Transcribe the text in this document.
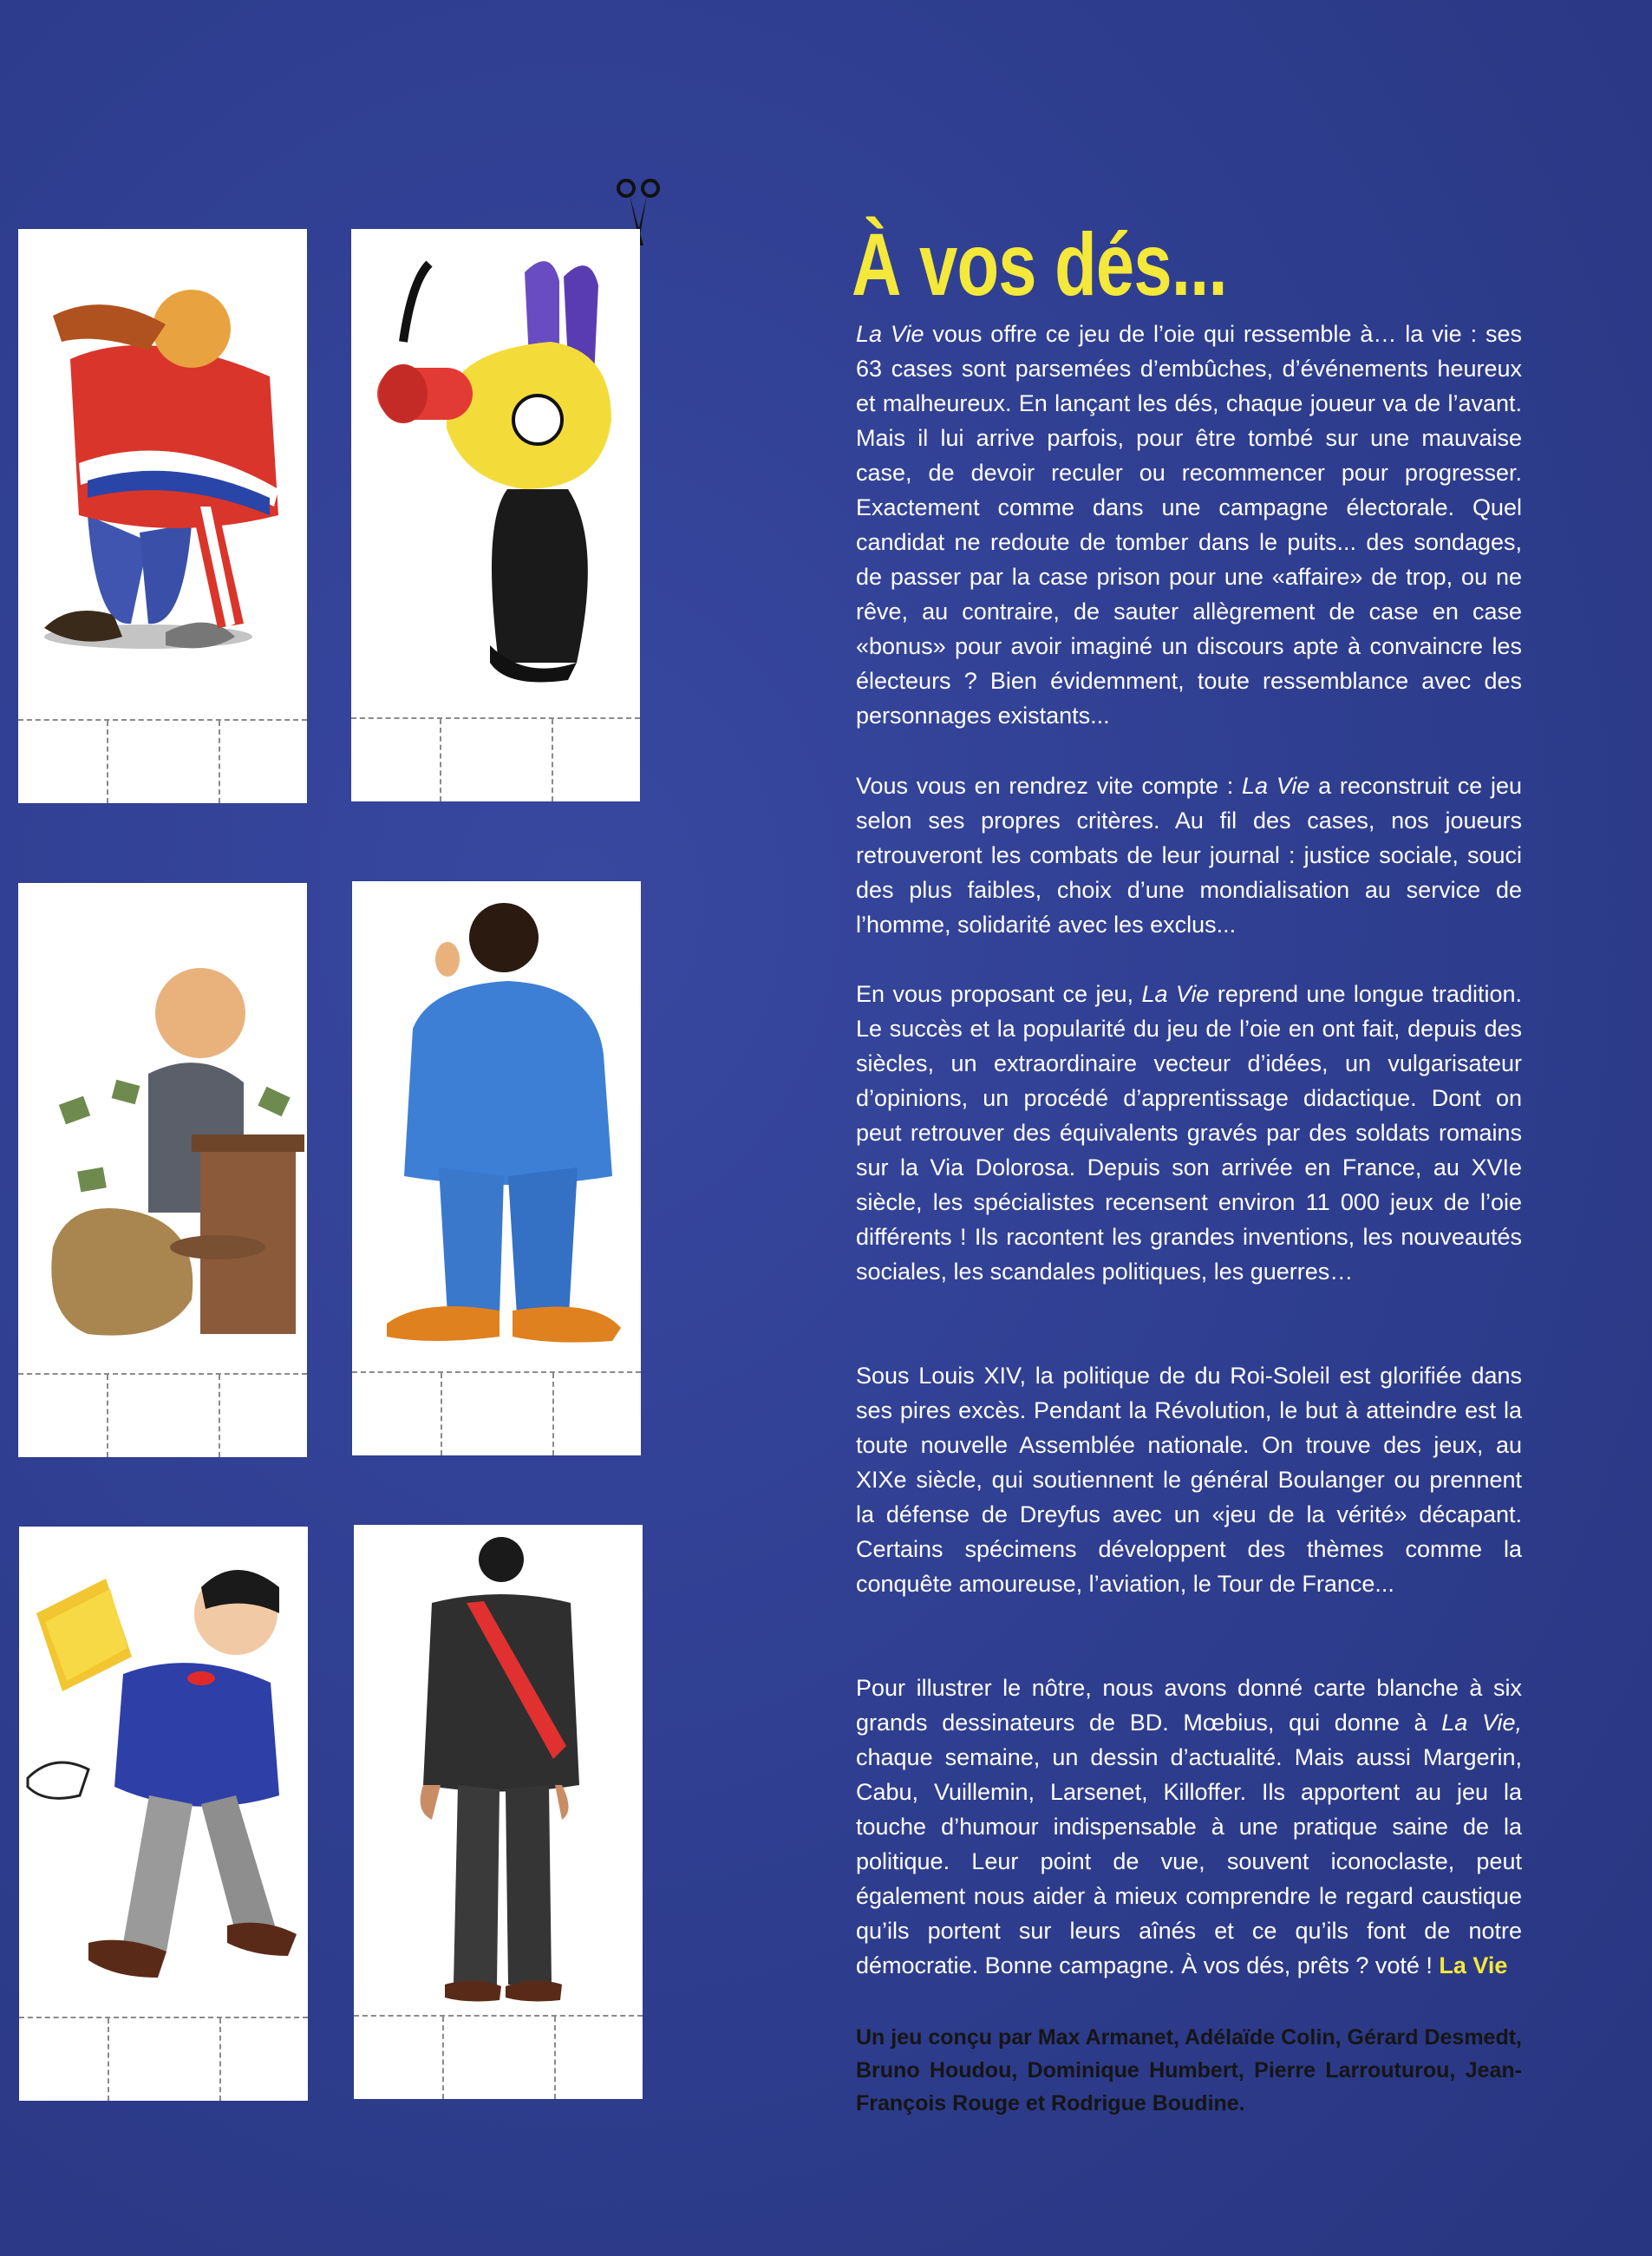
À vos dés...

La Vie vous offre ce jeu de l’oie qui ressemble à… la vie : ses 63 cases sont parsemées d’embûches, d’événements heureux et malheureux. En lançant les dés, chaque joueur va de l’avant. Mais il lui arrive parfois, pour être tombé sur une mauvaise case, de devoir reculer ou recommencer pour progresser. Exactement comme dans une campagne électorale. Quel candidat ne redoute de tomber dans le puits... des sondages, de passer par la case prison pour une «affaire» de trop, ou ne rêve, au contraire, de sauter allègrement de case en case «bonus» pour avoir imaginé un discours apte à convaincre les électeurs ? Bien évidemment, toute ressemblance avec des personnages existants...

Vous vous en rendrez vite compte : La Vie a reconstruit ce jeu selon ses propres critères. Au fil des cases, nos joueurs retrouveront les combats de leur journal : justice sociale, souci des plus faibles, choix d’une mondialisation au service de l’homme, solidarité avec les exclus...

En vous proposant ce jeu, La Vie reprend une longue tradition. Le succès et la popularité du jeu de l’oie en ont fait, depuis des siècles, un extraordinaire vecteur d’idées, un vulgarisateur d’opinions, un procédé d’apprentissage didactique. Dont on peut retrouver des équivalents gravés par des soldats romains sur la Via Dolorosa. Depuis son arrivée en France, au XVIe siècle, les spécialistes recensent environ 11 000 jeux de l’oie différents ! Ils racontent les grandes inventions, les nouveautés sociales, les scandales politiques, les guerres…

Sous Louis XIV, la politique de du Roi-Soleil est glorifiée dans ses pires excès. Pendant la Révolution, le but à atteindre est la toute nouvelle Assemblée nationale. On trouve des jeux, au XIXe siècle, qui soutiennent le général Boulanger ou prennent la défense de Dreyfus avec un «jeu de la vérité» décapant. Certains spécimens développent des thèmes comme la conquête amoureuse, l’aviation, le Tour de France...

Pour illustrer le nôtre, nous avons donné carte blanche à six grands dessinateurs de BD. Mœbius, qui donne à La Vie, chaque semaine, un dessin d’actualité. Mais aussi Margerin, Cabu, Vuillemin, Larsenet, Killoffer. Ils apportent au jeu la touche d’humour indispensable à une pratique saine de la politique. Leur point de vue, souvent iconoclaste, peut également nous aider à mieux comprendre le regard caustique qu’ils portent sur leurs aînés et ce qu’ils font de notre démocratie. Bonne campagne. À vos dés, prêts ? voté ! La Vie

Un jeu conçu par Max Armanet, Adélaïde Colin, Gérard Desmedt, Bruno Houdou, Dominique Humbert, Pierre Larrouturou, Jean-François Rouge et Rodrigue Boudine.
